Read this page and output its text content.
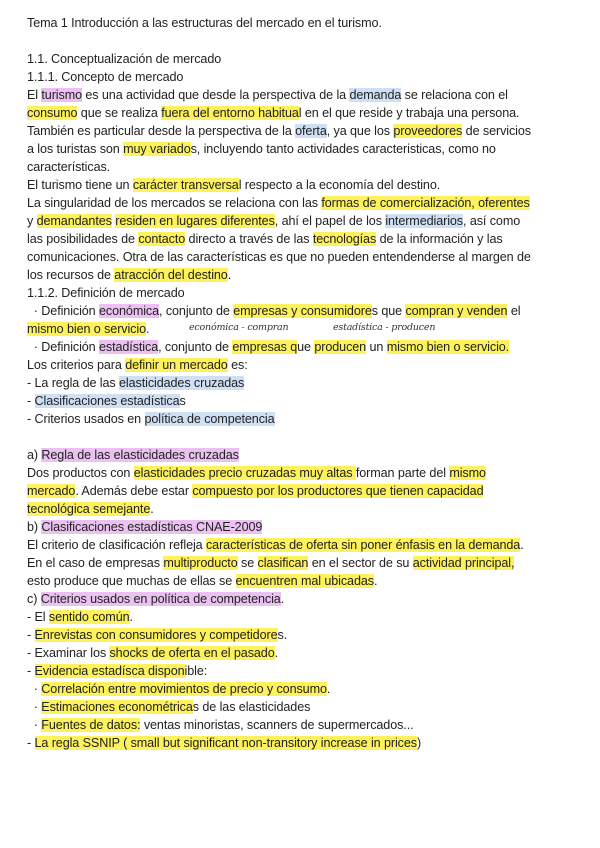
Tema 1 Introducción a las estructuras del mercado en el turismo.
1.1. Conceptualización de mercado
1.1.1. Concepto de mercado
El turismo es una actividad que desde la perspectiva de la demanda se relaciona con el
consumo que se realiza fuera del entorno habitual en el que reside y trabaja una persona.
También es particular desde la perspectiva de la oferta, ya que los proveedores de servicios
a los turistas son muy variados, incluyendo tanto actividades caracteristicas, como no
características.
El turismo tiene un carácter transversal respecto a la economía del destino.
La singularidad de los mercados se relaciona con las formas de comercialización, oferentes
y demandantes residen en lugares diferentes, ahí el papel de los intermediarios, así como
las posibilidades de contacto directo a través de las tecnologías de la información y las
comunicaciones. Otra de las características es que no pueden entendenderse al margen de
los recursos de atracción del destino.
1.1.2. Definición de mercado
· Definición económica, conjunto de empresas y consumidores que compran y venden el
mismo bien o servicio.
· Definición estadística, conjunto de empresas que producen un mismo bien o servicio.
Los criterios para definir un mercado es:
- La regla de las elasticidades cruzadas
- Clasificaciones estadísticas
- Criterios usados en política de competencia
a) Regla de las elasticidades cruzadas
Dos productos con elasticidades precio cruzadas muy altas forman parte del mismo
mercado. Además debe estar compuesto por los productores que tienen capacidad
tecnológica semejante.
b) Clasificaciones estadísticas CNAE-2009
El criterio de clasificación refleja características de oferta sin poner énfasis en la demanda.
En el caso de empresas multiproducto se clasifican en el sector de su actividad principal,
esto produce que muchas de ellas se encuentren mal ubicadas.
c) Criterios usados en política de competencia.
- El sentido común.
- Enrevistas con consumidores y competidores.
- Examinar los shocks de oferta en el pasado.
- Evidencia estadísca disponible:
· Correlación entre movimientos de precio y consumo.
· Estimaciones econométricas de las elasticidades
· Fuentes de datos: ventas minoristas, scanners de supermercados...
- La regla SSNIP ( small but significant non-transitory increase in prices)
económica - compran	estadística - producen
